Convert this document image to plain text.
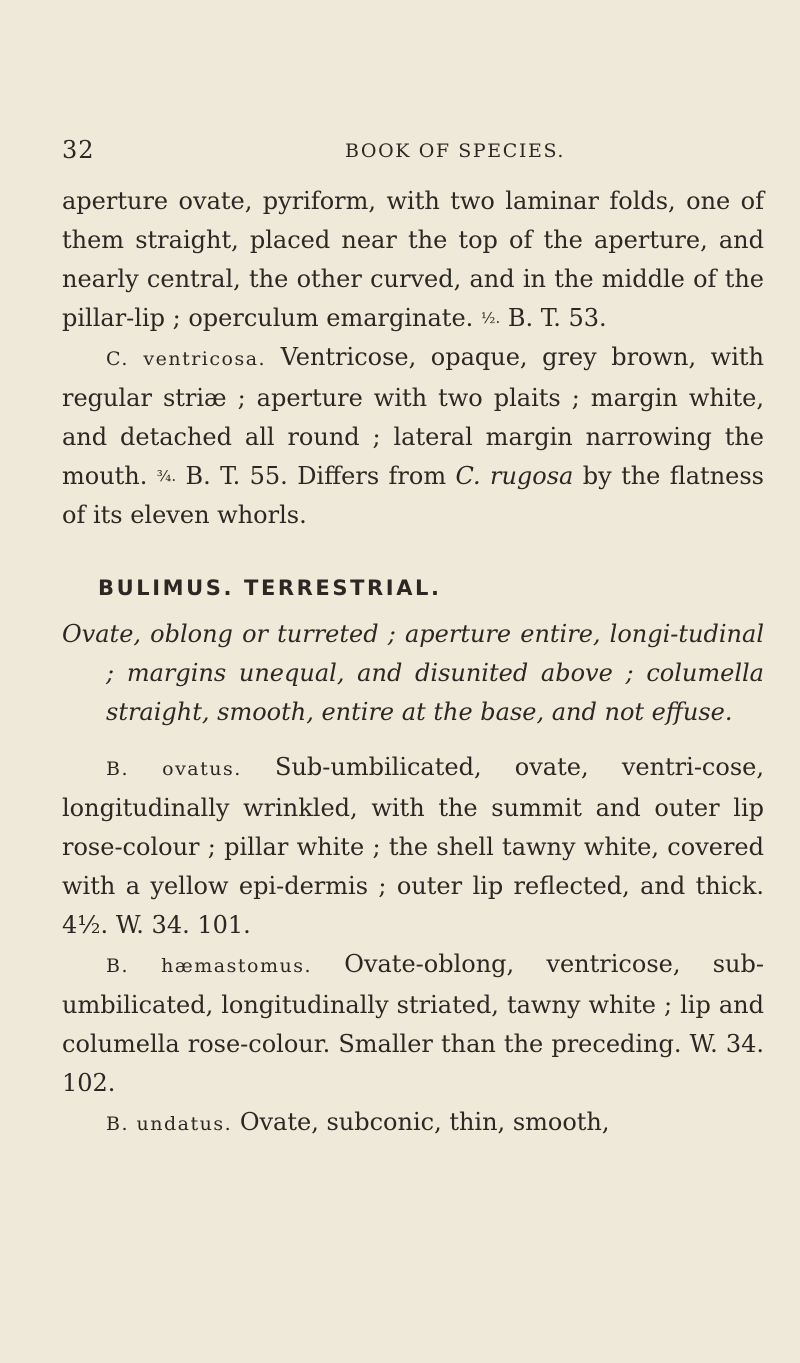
32	BOOK OF SPECIES.

aperture ovate, pyriform, with two laminar folds, one of them straight, placed near the top of the aperture, and nearly central, the other curved, and in the middle of the pillar-lip ; operculum emarginate. ½. B. T. 53.

C. ventricosa. Ventricose, opaque, grey brown, with regular striæ ; aperture with two plaits ; margin white, and detached all round ; lateral margin narrowing the mouth. ¾. B. T. 55. Differs from C. rugosa by the flatness of its eleven whorls.

BULIMUS. TERRESTRIAL.

Ovate, oblong or turreted ; aperture entire, longi-tudinal ; margins unequal, and disunited above ; columella straight, smooth, entire at the base, and not effuse.

B. ovatus. Sub-umbilicated, ovate, ventri-cose, longitudinally wrinkled, with the summit and outer lip rose-colour ; pillar white ; the shell tawny white, covered with a yellow epi-dermis ; outer lip reflected, and thick. 4½. W. 34. 101.

B. hæmastomus. Ovate-oblong, ventricose, sub-umbilicated, longitudinally striated, tawny white ; lip and columella rose-colour. Smaller than the preceding. W. 34. 102.

B. undatus. Ovate, subconic, thin, smooth,
